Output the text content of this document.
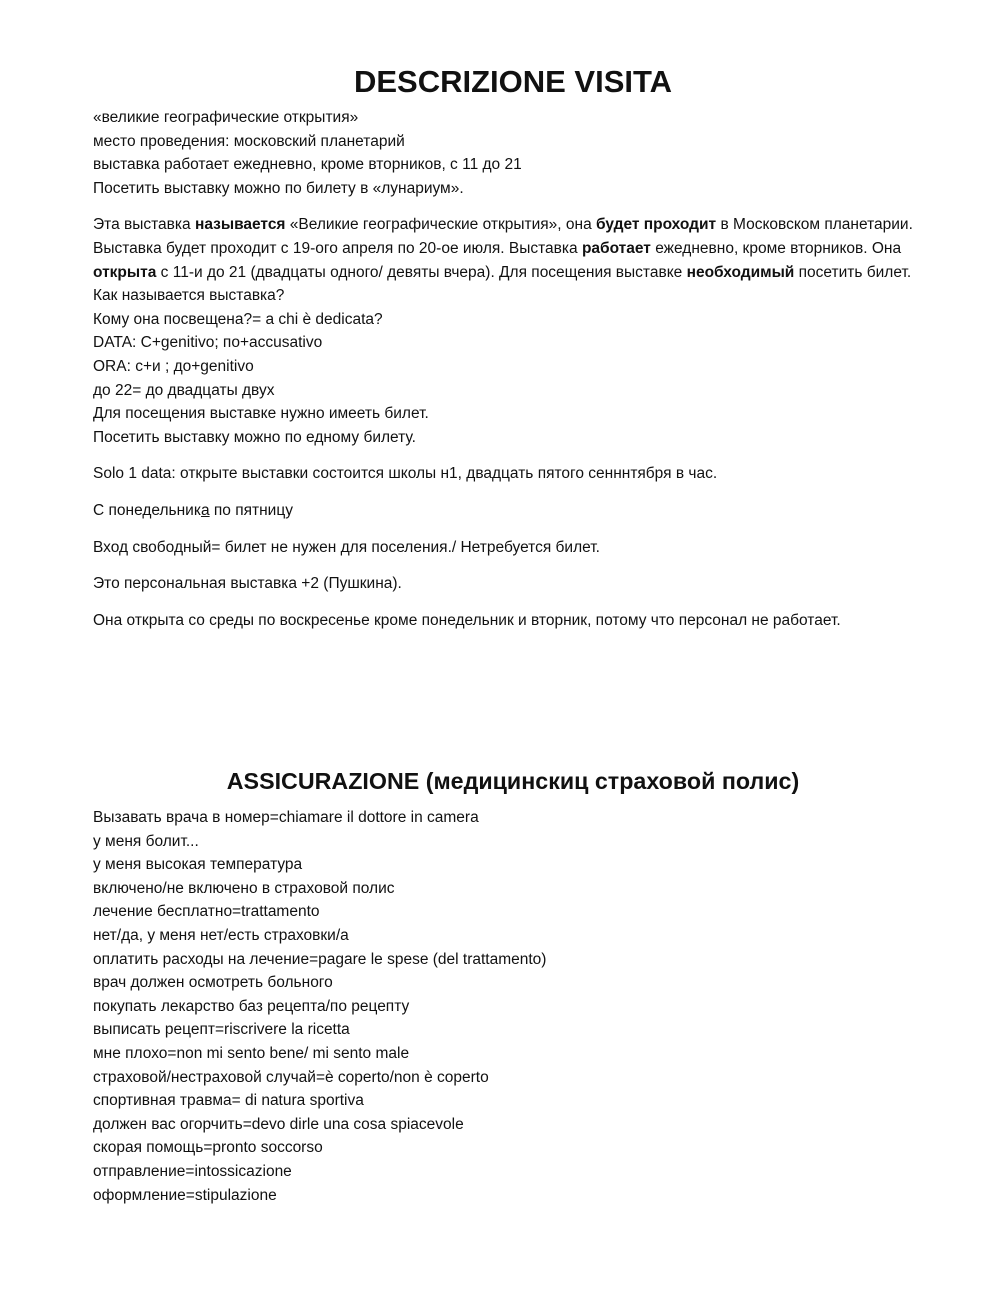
DESCRIZIONE VISITA

«великие географические открытия»

место проведения: московский планетарий

выставка работает ежедневно, кроме вторников, с 11 до 21

Посетить выставку можно по билету в «лунариум».

Эта выставка называется «Великие географические открытия», она будет проходит в Московском планетарии. Выставка будет проходит с 19-ого апреля по 20-ое июля. Выставка работает ежедневно, кроме вторников. Она открыта с 11-и до 21 (двадцаты одного/ девяты вчера). Для посещения выставке необходимый посетить билет.

Как называется выставка?

Кому она посвещена?= a chi è dedicata?

DATA: C+genitivo; по+accusativo

ORA: с+и ; до+genitivo

до 22= до двадцаты двух

Для посещения выставке нужно имееть билет.

Посетить выставку можно по едному билету.

Solo 1 data: открыте выставки состоится школы н1, двадцать пятого сенннтября в час.

С понедельника по пятницу

Вход свободный= билет не нужен для поселения./ Нетребуется билет.

Это персональная выставка +2 (Пушкина).

Она открыта со среды по воскресенье кроме понедельник и вторник, потому что персонал не работает.

ASSICURAZIONE (медицинскиц страховой полис)

Вызавать врача в номер=chiamare il dottore in camera

у меня болит...

у меня высокая температура

включено/не включено в страховой полис

лечение бесплатно=trattamento

нет/да, у меня нет/есть страховки/а

оплатить расходы на лечение=pagare le spese (del trattamento)

врач должен осмотреть больного

покупать лекарство баз рецепта/по рецепту

выписать рецепт=riscrivere la ricetta

мне плохо=non mi sento bene/ mi sento male

страховой/нестраховой случай=è coperto/non è coperto

спортивная травма= di natura sportiva

должен вас огорчить=devo dirle una cosa spiacevole

скорая помощь=pronto soccorso

отправление=intossicazione

оформление=stipulazione
